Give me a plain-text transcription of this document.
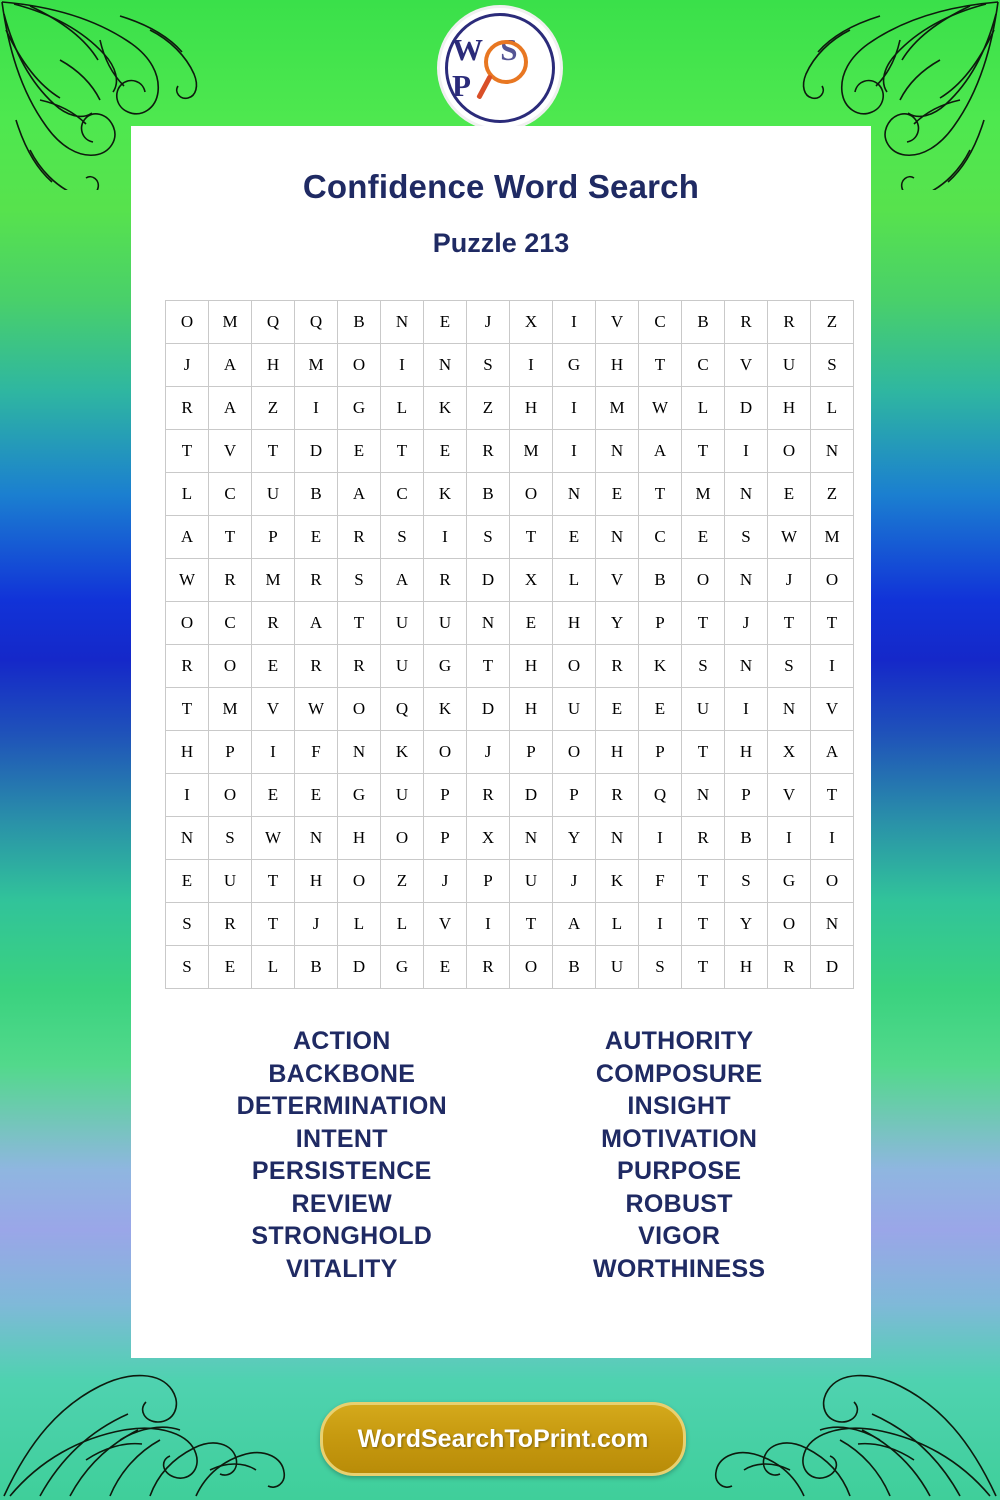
W S P
Confidence Word Search
Puzzle 213
O	M	Q	Q	B	N	E	J	X	I	V	C	B	R	R	Z
J	A	H	M	O	I	N	S	I	G	H	T	C	V	U	S
R	A	Z	I	G	L	K	Z	H	I	M	W	L	D	H	L
T	V	T	D	E	T	E	R	M	I	N	A	T	I	O	N
L	C	U	B	A	C	K	B	O	N	E	T	M	N	E	Z
A	T	P	E	R	S	I	S	T	E	N	C	E	S	W	M
W	R	M	R	S	A	R	D	X	L	V	B	O	N	J	O
O	C	R	A	T	U	U	N	E	H	Y	P	T	J	T	T
R	O	E	R	R	U	G	T	H	O	R	K	S	N	S	I
T	M	V	W	O	Q	K	D	H	U	E	E	U	I	N	V
H	P	I	F	N	K	O	J	P	O	H	P	T	H	X	A
I	O	E	E	G	U	P	R	D	P	R	Q	N	P	V	T
N	S	W	N	H	O	P	X	N	Y	N	I	R	B	I	I
E	U	T	H	O	Z	J	P	U	J	K	F	T	S	G	O
S	R	T	J	L	L	V	I	T	A	L	I	T	Y	O	N
S	E	L	B	D	G	E	R	O	B	U	S	T	H	R	D
ACTION
BACKBONE
DETERMINATION
INTENT
PERSISTENCE
REVIEW
STRONGHOLD
VITALITY
AUTHORITY
COMPOSURE
INSIGHT
MOTIVATION
PURPOSE
ROBUST
VIGOR
WORTHINESS
WordSearchToPrint.com
